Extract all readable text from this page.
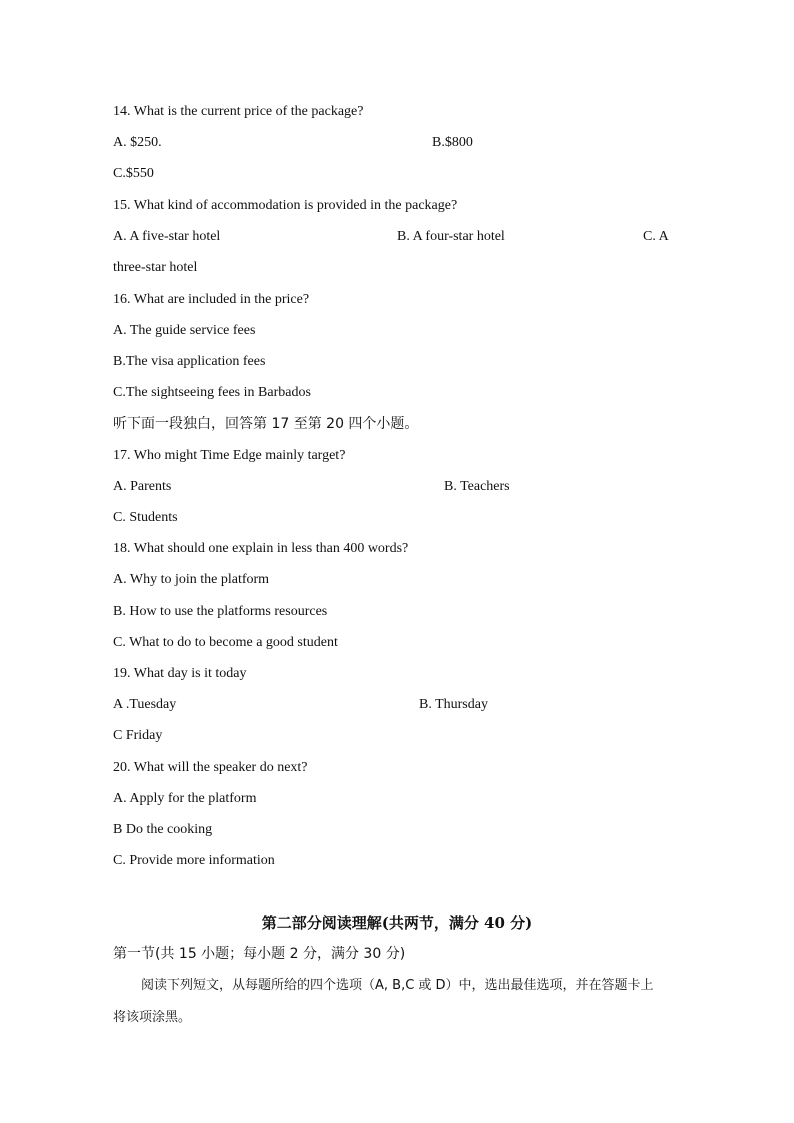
14. What is the current price of the package?
A. $250.	B.$800
C.$550
15. What kind of accommodation is provided in the package?
A. A five-star hotel	B. A four-star hotel	C. A
three-star hotel
16. What are included in the price?
A. The guide service fees
B.The visa application fees
C.The sightseeing fees in Barbados
听下面一段独白，回答第 17 至第 20 四个小题。
17. Who might Time Edge mainly target?
A. Parents	B. Teachers
C. Students
18. What should one explain in less than 400 words?
A. Why to join the platform
B. How to use the platforms resources
C. What to do to become a good student
19. What day is it today
A .Tuesday	B. Thursday
C Friday
20. What will the speaker do next?
A. Apply for the platform
B Do the cooking
C. Provide more information
第二部分阅读理解(共两节，满分 40 分)
第一节(共 15 小题；每小题 2 分，满分 30 分)
阅读下列短文，从每题所给的四个选项（A, B,C 或 D）中，选出最佳选项，并在答题卡上
将该项涂黑。
